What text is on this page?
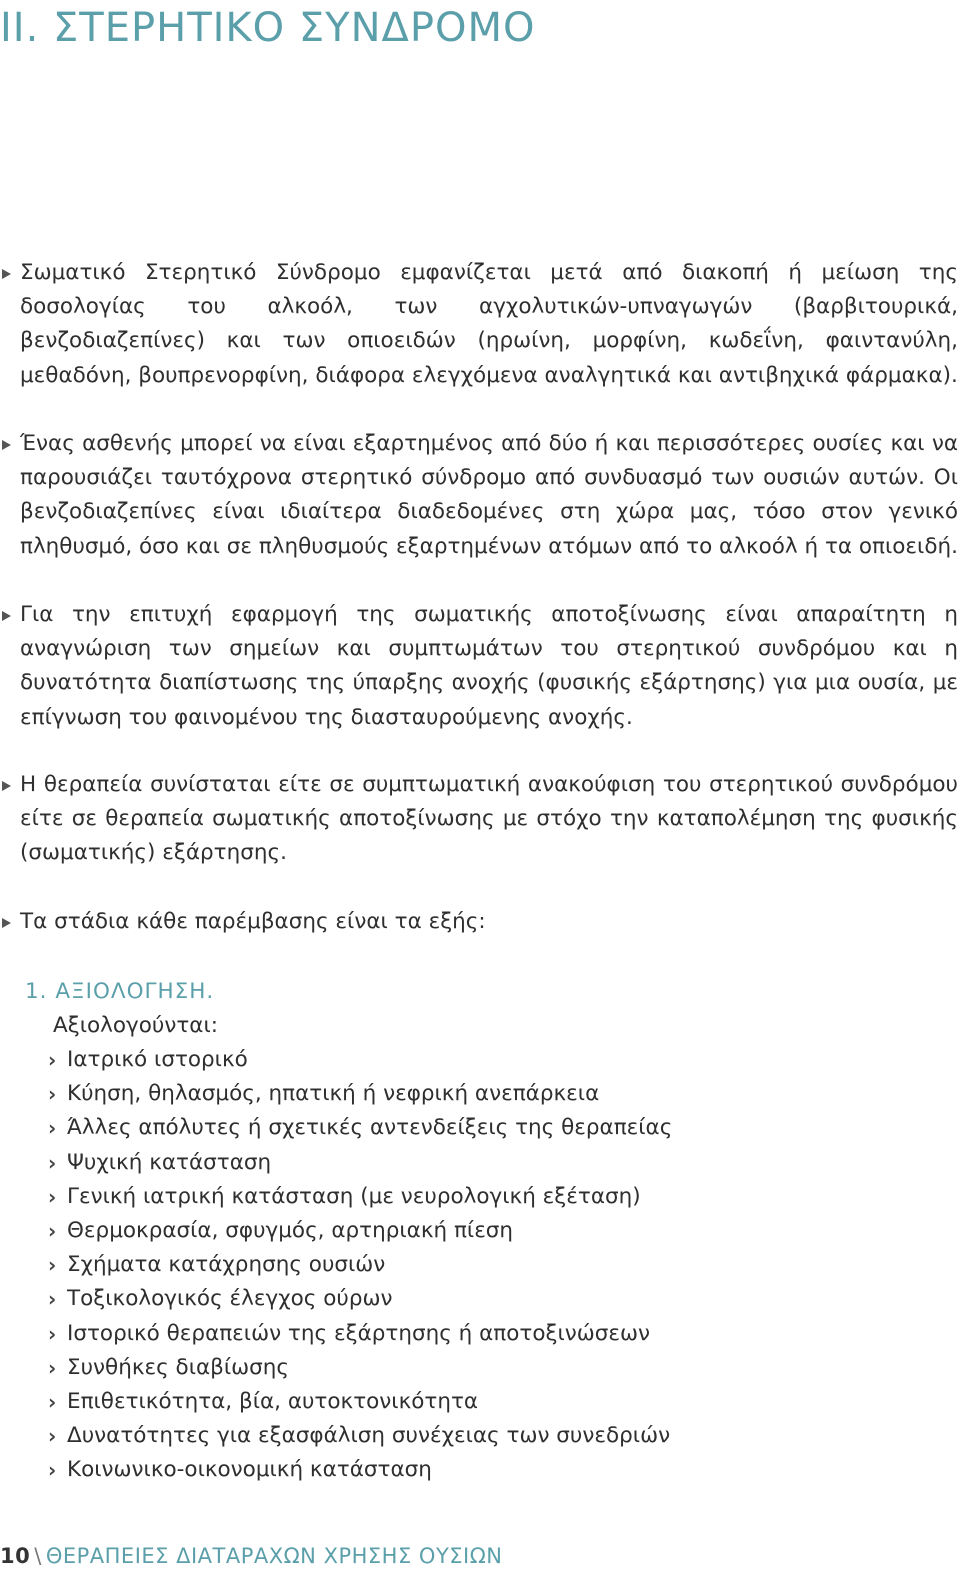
ΙΙ. ΣΤΕΡΗΤΙΚΟ ΣΥΝΔΡΟΜΟ
Σωματικό Στερητικό Σύνδρομο εμφανίζεται μετά από διακοπή ή μείωση της δοσολογίας του αλκοόλ, των αγχολυτικών-υπναγωγών (βαρβιτουρικά, βενζοδιαζεπίνες) και των οπιοειδών (ηρωίνη, μορφίνη, κωδεΐνη, φαιντανύλη, μεθαδόνη, βουπρενορφίνη, διάφορα ελεγχόμενα αναλγητικά και αντιβηχικά φάρμακα).
Ένας ασθενής μπορεί να είναι εξαρτημένος από δύο ή και περισσότερες ουσίες και να παρουσιάζει ταυτόχρονα στερητικό σύνδρομο από συνδυασμό των ουσιών αυτών. Οι βενζοδιαζεπίνες είναι ιδιαίτερα διαδεδομένες στη χώρα μας, τόσο στον γενικό πληθυσμό, όσο και σε πληθυσμούς εξαρτημένων ατόμων από το αλκοόλ ή τα οπιοειδή.
Για την επιτυχή εφαρμογή της σωματικής αποτοξίνωσης είναι απαραίτητη η αναγνώριση των σημείων και συμπτωμάτων του στερητικού συνδρόμου και η δυνατότητα διαπίστωσης της ύπαρξης ανοχής (φυσικής εξάρτησης) για μια ουσία, με επίγνωση του φαινομένου της διασταυρούμενης ανοχής.
Η θεραπεία συνίσταται είτε σε συμπτωματική ανακούφιση του στερητικού συνδρόμου είτε σε θεραπεία σωματικής αποτοξίνωσης με στόχο την καταπολέμηση της φυσικής (σωματικής) εξάρτησης.
Τα στάδια κάθε παρέμβασης είναι τα εξής:
1. ΑΞΙΟΛΟΓΗΣΗ.
Αξιολογούνται:
› Ιατρικό ιστορικό
› Κύηση, θηλασμός, ηπατική ή νεφρική ανεπάρκεια
› Άλλες απόλυτες ή σχετικές αντενδείξεις της θεραπείας
› Ψυχική κατάσταση
› Γενική ιατρική κατάσταση (με νευρολογική εξέταση)
› Θερμοκρασία, σφυγμός, αρτηριακή πίεση
› Σχήματα κατάχρησης ουσιών
› Τοξικολογικός έλεγχος ούρων
› Ιστορικό θεραπειών της εξάρτησης ή αποτοξινώσεων
› Συνθήκες διαβίωσης
› Επιθετικότητα, βία, αυτοκτονικότητα
› Δυνατότητες για εξασφάλιση συνέχειας των συνεδριών
› Κοινωνικο-οικονομική κατάσταση
10 \ ΘΕΡΑΠΕΙΕΣ ΔΙΑΤΑΡΑΧΩΝ ΧΡΗΣΗΣ ΟΥΣΙΩΝ
